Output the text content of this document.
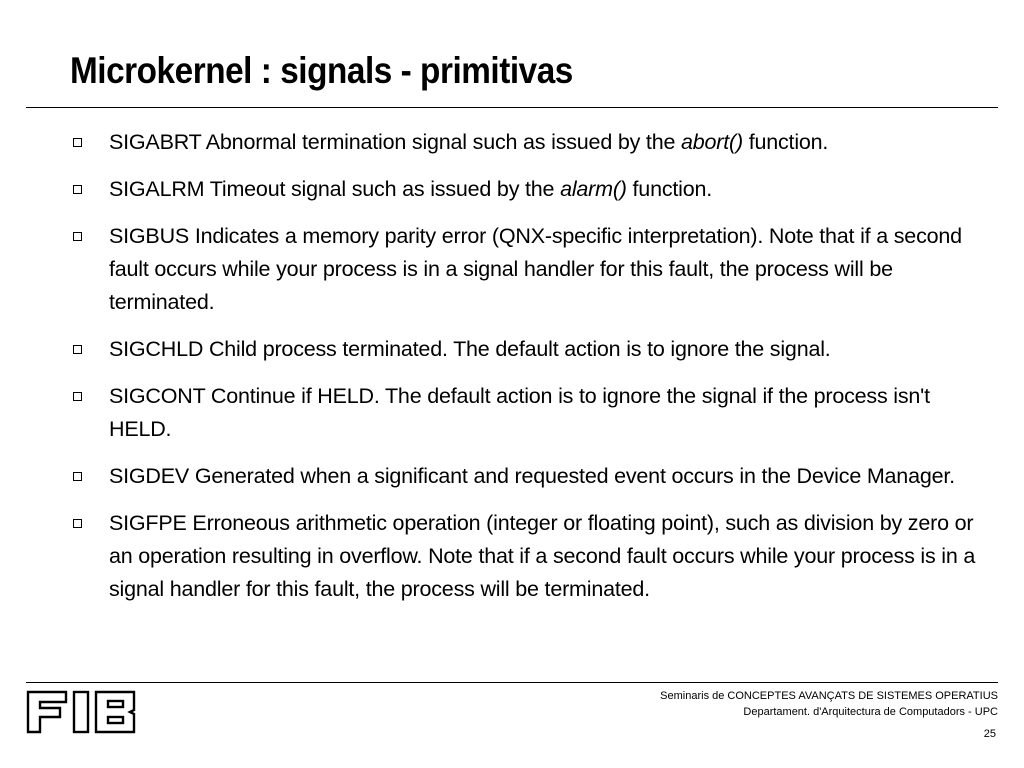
Microkernel : signals - primitivas
SIGABRT Abnormal termination signal such as issued by the abort() function.
SIGALRM Timeout signal such as issued by the alarm() function.
SIGBUS Indicates a memory parity error (QNX-specific interpretation). Note that if a second fault occurs while your process is in a signal handler for this fault, the process will be terminated.
SIGCHLD Child process terminated. The default action is to ignore the signal.
SIGCONT Continue if HELD. The default action is to ignore the signal if the process isn't HELD.
SIGDEV Generated when a significant and requested event occurs in the Device Manager.
SIGFPE Erroneous arithmetic operation (integer or floating point), such as division by zero or an operation resulting in overflow. Note that if a second fault occurs while your process is in a signal handler for this fault, the process will be terminated.
Seminaris de CONCEPTES AVANÇATS DE SISTEMES OPERATIUS
Departament. d'Arquitectura de Computadors - UPC
25
